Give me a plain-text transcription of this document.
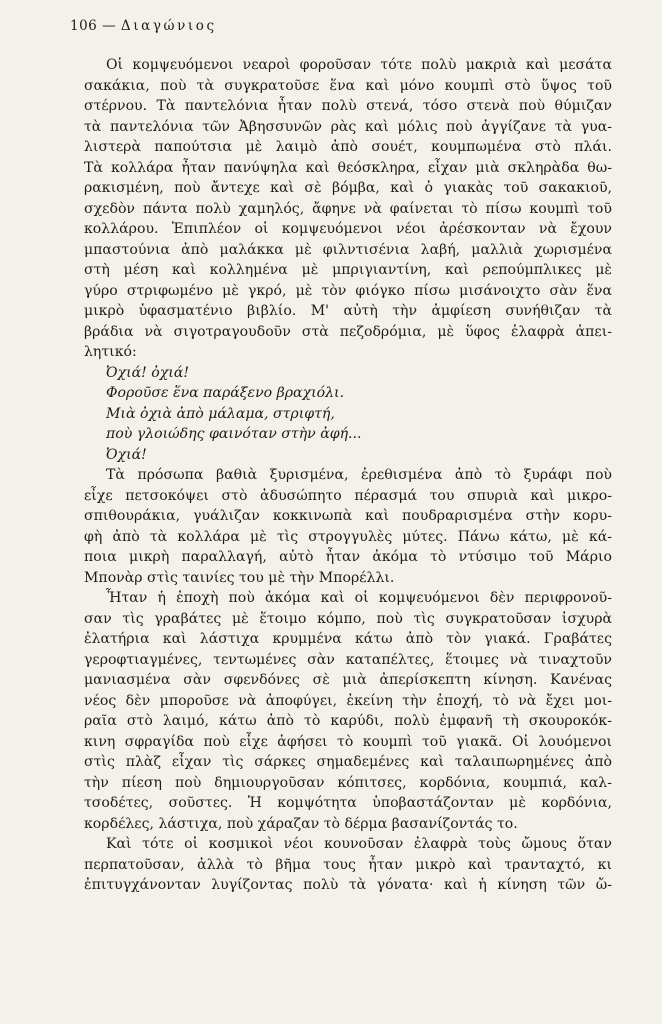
106 — Διαγώνιος
Οἱ κομψευόμενοι νεαροὶ φοροῦσαν τότε πολὺ μακριὰ καὶ μεσάτα
σακάκια, ποὺ τὰ συγκρατοῦσε ἕνα καὶ μόνο κουμπὶ στὸ ὕψος τοῦ
στέρνου. Τὰ παντελόνια ἦταν πολὺ στενά, τόσο στενὰ ποὺ θύμιζαν
τὰ παντελόνια τῶν Ἀβησσυνῶν ρὰς καὶ μόλις ποὺ ἀγγίζανε τὰ γυα-
λιστερὰ παπούτσια μὲ λαιμὸ ἀπὸ σουέτ, κουμπωμένα στὸ πλάι.
Τὰ κολλάρα ἦταν πανύψηλα καὶ θεόσκληρα, εἶχαν μιὰ σκληρὰδα θω-
ρακισμένη, ποὺ ἄντεχε καὶ σὲ βόμβα, καὶ ὁ γιακὰς τοῦ σακακιοῦ,
σχεδὸν πάντα πολὺ χαμηλός, ἄφηνε νὰ φαίνεται τὸ πίσω κουμπὶ τοῦ
κολλάρου. Ἐπιπλέον οἱ κομψευόμενοι νέοι ἀρέσκονταν νὰ ἔχουν
μπαστούνια ἀπὸ μαλάκκα μὲ φιλντισένια λαβή, μαλλιὰ χωρισμένα
στὴ μέση καὶ κολλημένα μὲ μπριγιαντίνη, καὶ ρεπούμπλικες μὲ
γύρο στριφωμένο μὲ γκρό, μὲ τὸν φιόγκο πίσω μισάνοιχτο σὰν ἕνα
μικρὸ ὑφασματένιο βιβλίο. Μ' αὐτὴ τὴν ἀμφίεση συνήθιζαν τὰ
βράδια νὰ σιγοτραγουδοῦν στὰ πεζοδρόμια, μὲ ὕφος ἐλαφρὰ ἀπει-
λητικό:
Ὀχιά! ὀχιά!
Φοροῦσε ἕνα παράξενο βραχιόλι.
Μιὰ ὀχιὰ ἀπὸ μάλαμα, στριφτή,
ποὺ γλοιώδης φαινόταν στὴν ἀφή...
Ὀχιά!
Τὰ πρόσωπα βαθιὰ ξυρισμένα, ἐρεθισμένα ἀπὸ τὸ ξυράφι ποὺ
εἶχε πετσοκόψει στὸ ἀδυσώπητο πέρασμά του σπυριὰ καὶ μικρο-
σπιθουράκια, γυάλιζαν κοκκινωπὰ καὶ πουδραρισμένα στὴν κορυ-
φὴ ἀπὸ τὰ κολλάρα μὲ τὶς στρογγυλὲς μύτες. Πάνω κάτω, μὲ κά-
ποια μικρὴ παραλλαγή, αὐτὸ ἦταν ἀκόμα τὸ ντύσιμο τοῦ Μάριο
Μπονὰρ στὶς ταινίες του μὲ τὴν Μπορέλλι.
Ἦταν ἡ ἐποχὴ ποὺ ἀκόμα καὶ οἱ κομψευόμενοι δὲν περιφρονοῦ-
σαν τὶς γραβάτες μὲ ἕτοιμο κόμπο, ποὺ τὶς συγκρατοῦσαν ἰσχυρὰ
ἐλατήρια καὶ λάστιχα κρυμμένα κάτω ἀπὸ τὸν γιακά. Γραβάτες
γεροφτιαγμένες, τεντωμένες σὰν καταπέλτες, ἕτοιμες νὰ τιναχτοῦν
μανιασμένα σὰν σφενδόνες σὲ μιὰ ἀπερίσκεπτη κίνηση. Κανένας
νέος δὲν μποροῦσε νὰ ἀποφύγει, ἐκείνη τὴν ἐποχή, τὸ νὰ ἔχει μοι-
ραῖα στὸ λαιμό, κάτω ἀπὸ τὸ καρύδι, πολὺ ἐμφανῆ τὴ σκουροκόκ-
κινη σφραγίδα ποὺ εἶχε ἀφήσει τὸ κουμπὶ τοῦ γιακᾶ. Οἱ λουόμενοι
στὶς πλὰζ εἶχαν τὶς σάρκες σημαδεμένες καὶ ταλαιπωρημένες ἀπὸ
τὴν πίεση ποὺ δημιουργοῦσαν κόπιτσες, κορδόνια, κουμπιά, καλ-
τσοδέτες, σοῦστες. Ἡ κομψότητα ὑποβαστάζονταν μὲ κορδόνια,
κορδέλες, λάστιχα, ποὺ χάραζαν τὸ δέρμα βασανίζοντάς το.
Καὶ τότε οἱ κοσμικοὶ νέοι κουνοῦσαν ἐλαφρὰ τοὺς ὤμους ὅταν
περπατοῦσαν, ἀλλὰ τὸ βῆμα τους ἦταν μικρὸ καὶ τρανταχτό, κι
ἐπιτυγχάνονταν λυγίζοντας πολὺ τὰ γόνατα· καὶ ἡ κίνηση τῶν ὤ-
